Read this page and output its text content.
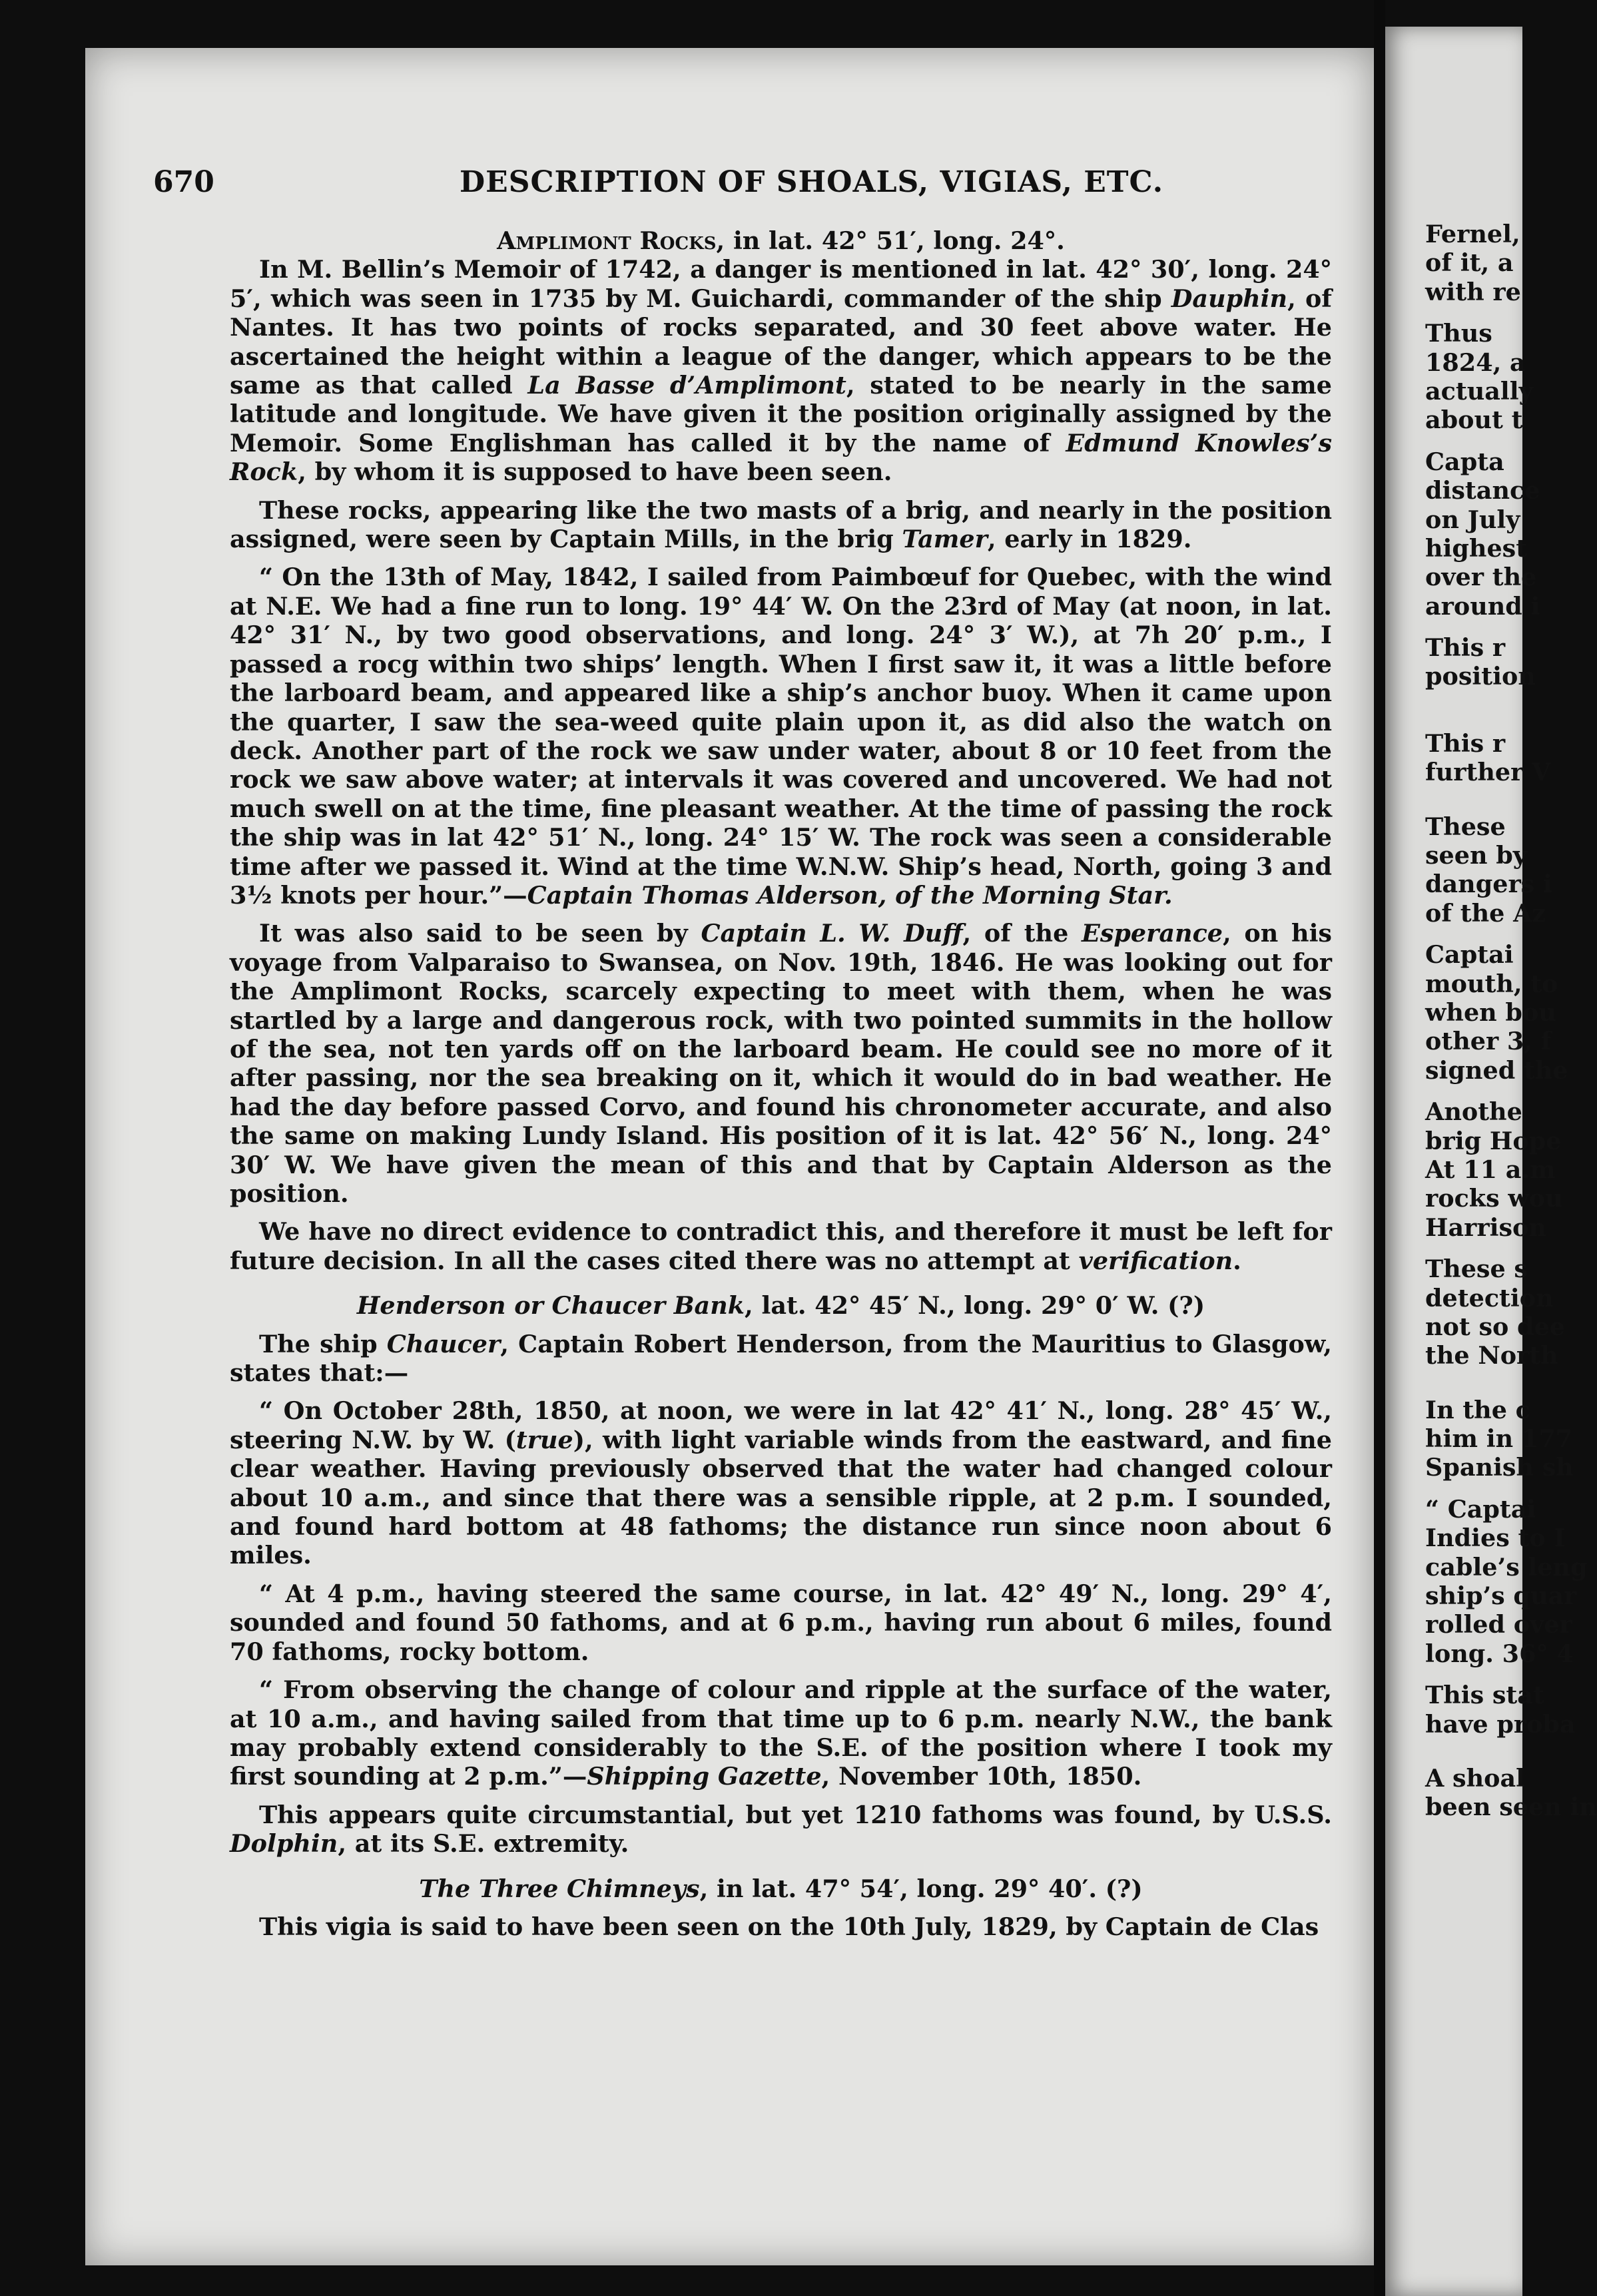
670	DESCRIPTION OF SHOALS, VIGIAS, ETC.

Amplimont Rocks, in lat. 42° 51′, long. 24°.

In M. Bellin’s Memoir of 1742, a danger is mentioned in lat. 42° 30′, long. 24° 5′, which was seen in 1735 by M. Guichardi, commander of the ship Dauphin, of Nantes. It has two points of rocks separated, and 30 feet above water. He ascertained the height within a league of the danger, which appears to be the same as that called La Basse d’Amplimont, stated to be nearly in the same latitude and longitude. We have given it the position originally assigned by the Memoir. Some Englishman has called it by the name of Edmund Knowles’s Rock, by whom it is supposed to have been seen.

These rocks, appearing like the two masts of a brig, and nearly in the position assigned, were seen by Captain Mills, in the brig Tamer, early in 1829.

“ On the 13th of May, 1842, I sailed from Paimbœuf for Quebec, with the wind at N.E. We had a fine run to long. 19° 44′ W. On the 23rd of May (at noon, in lat. 42° 31′ N., by two good observations, and long. 24° 3′ W.), at 7h 20′ p.m., I passed a rocg within two ships’ length. When I first saw it, it was a little before the larboard beam, and appeared like a ship’s anchor buoy. When it came upon the quarter, I saw the sea-weed quite plain upon it, as did also the watch on deck. Another part of the rock we saw under water, about 8 or 10 feet from the rock we saw above water; at intervals it was covered and uncovered. We had not much swell on at the time, fine pleasant weather. At the time of passing the rock the ship was in lat 42° 51′ N., long. 24° 15′ W. The rock was seen a considerable time after we passed it. Wind at the time W.N.W. Ship’s head, North, going 3 and 3½ knots per hour.”—Captain Thomas Alderson, of the Morning Star.

It was also said to be seen by Captain L. W. Duff, of the Esperance, on his voyage from Valparaiso to Swansea, on Nov. 19th, 1846. He was looking out for the Amplimont Rocks, scarcely expecting to meet with them, when he was startled by a large and dangerous rock, with two pointed summits in the hollow of the sea, not ten yards off on the larboard beam. He could see no more of it after passing, nor the sea breaking on it, which it would do in bad weather. He had the day before passed Corvo, and found his chronometer accurate, and also the same on making Lundy Island. His position of it is lat. 42° 56′ N., long. 24° 30′ W. We have given the mean of this and that by Captain Alderson as the position.

We have no direct evidence to contradict this, and therefore it must be left for future decision. In all the cases cited there was no attempt at verification.

Henderson or Chaucer Bank, lat. 42° 45′ N., long. 29° 0′ W. (?)

The ship Chaucer, Captain Robert Henderson, from the Mauritius to Glasgow, states that:—

“ On October 28th, 1850, at noon, we were in lat 42° 41′ N., long. 28° 45′ W., steering N.W. by W. (true), with light variable winds from the eastward, and fine clear weather. Having previously observed that the water had changed colour about 10 a.m., and since that there was a sensible ripple, at 2 p.m. I sounded, and found hard bottom at 48 fathoms; the distance run since noon about 6 miles.

“ At 4 p.m., having steered the same course, in lat. 42° 49′ N., long. 29° 4′, sounded and found 50 fathoms, and at 6 p.m., having run about 6 miles, found 70 fathoms, rocky bottom.

“ From observing the change of colour and ripple at the surface of the water, at 10 a.m., and having sailed from that time up to 6 p.m. nearly N.W., the bank may probably extend considerably to the S.E. of the position where I took my first sounding at 2 p.m.”—Shipping Gazette, November 10th, 1850.

This appears quite circumstantial, but yet 1210 fathoms was found, by U.S.S. Dolphin, at its S.E. extremity.

The Three Chimneys, in lat. 47° 54′, long. 29° 40′. (?)

This vigia is said to have been seen on the 10th July, 1829, by Captain de Clas

Fernel,
of it, a
with re
Thus
1824, a
actually
about t
Capta
distance
on July
highest
over the
around i
This r
position
This r
further V
These
seen by
dangers i
of the Az
Captai
mouth, to
when bou
other 3, f
signed the
Anothe
brig Hope
At 11 a.m
rocks wou
Harrison
These s
detection
not so dee
the North
In the c
him in 177
Spanish sh
“ Captai
Indies to I
cable’s leng
ship’s quar
rolled over
long. 36° 4
This stat
have proba
A shoal
been seen in
